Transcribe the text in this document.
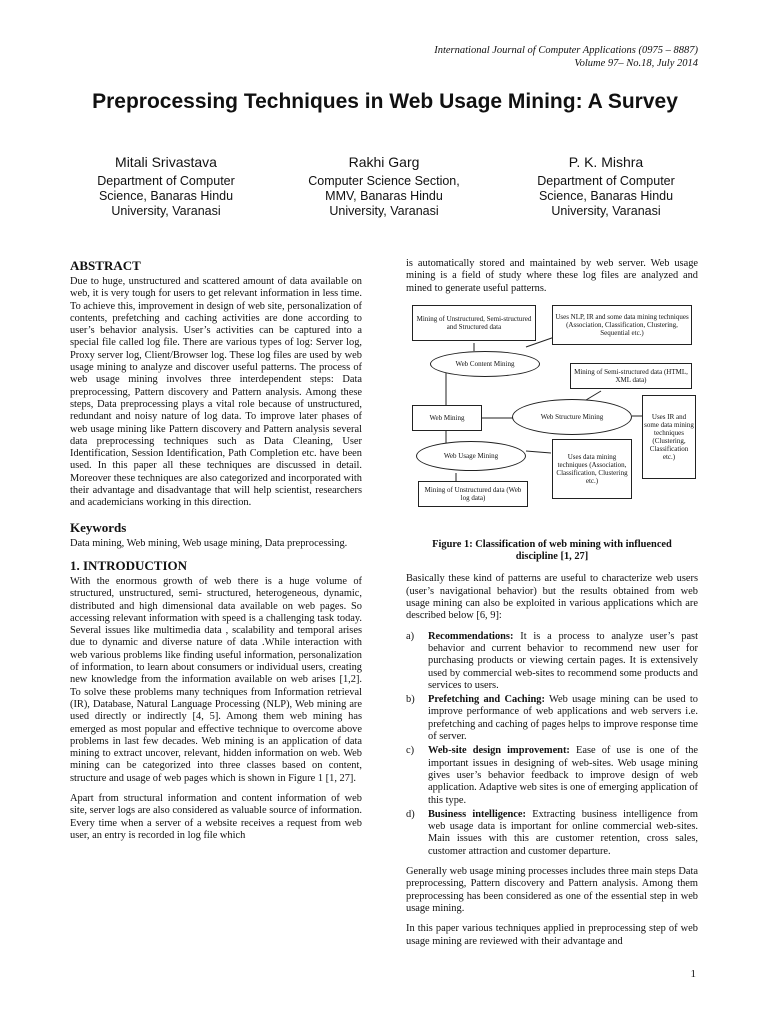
International Journal of Computer Applications (0975 – 8887)
Volume 97– No.18, July 2014
Preprocessing Techniques in Web Usage Mining: A Survey
Mitali Srivastava
Department of Computer
Science, Banaras Hindu
University, Varanasi
Rakhi Garg
Computer Science Section,
MMV, Banaras Hindu
University, Varanasi
P. K. Mishra
Department of Computer
Science, Banaras Hindu
University, Varanasi
ABSTRACT

Due to huge, unstructured and scattered amount of data available on web, it is very tough for users to get relevant information in less time. To achieve this, improvement in design of web site, personalization of contents, prefetching and caching activities are done according to user’s behavior analysis. User’s activities can be captured into a special file called log file. There are various types of log: Server log, Proxy server log, Client/Browser log. These log files are used by web usage mining to analyze and discover useful patterns. The process of web usage mining involves three interdependent steps: Data preprocessing, Pattern discovery and Pattern analysis. Among these steps, Data preprocessing plays a vital role because of unstructured, redundant and noisy nature of log data. To improve later phases of web usage mining like Pattern discovery and Pattern analysis several data preprocessing techniques such as Data Cleaning, User Identification, Session Identification, Path Completion etc. have been used. In this paper all these techniques are discussed in detail. Moreover these techniques are also categorized and incorporated with their advantage and disadvantage that will help scientist, researchers and academicians working in this direction.

Keywords

Data mining, Web mining, Web usage mining, Data preprocessing.

1. INTRODUCTION

With the enormous growth of web there is a huge volume of structured, unstructured, semi- structured, heterogeneous, dynamic, distributed and high dimensional data available on web pages. So accessing relevant information with speed is a challenging task today. Several issues like multimedia data , scalability and temporal arises due to dynamic and diverse nature of data .While interaction with web various problems like finding useful information, personalization of information, to learn about consumers or individual users, creating new knowledge from the information available on web arises [1,2]. To solve these problems many techniques from Information retrieval (IR), Database, Natural Language Processing (NLP), Web mining are used directly or indirectly [4, 5]. Among them web mining has emerged as most popular and effective technique to overcome above problems in last few decades. Web mining is an application of data mining to extract uncover, relevant, hidden information on web. Web mining can be categorized into three classes based on content, structure and usage of web pages which is shown in Figure 1 [1, 27].

Apart from structural information and content information of web site, server logs are also considered as valuable source of information. Every time when a server of a website receives a request from web user, an entry is recorded in log file which

is automatically stored and maintained by web server. Web usage mining is a field of study where these log files are analyzed and mined to generate useful patterns.

Mining of Unstructured, Semi-structured and Structured data
Uses NLP, IR and some data mining techniques (Association, Classification, Clustering, Sequential etc.)
Web Content Mining
Mining of Semi-structured data (HTML, XML data)
Web Mining	Web Structure Mining	Uses IR and some data mining techniques (Clustering, Classification etc.)
Web Usage Mining	Uses data mining techniques (Association, Classification, Clustering etc.)
Mining of Unstructured data (Web log data)
Figure 1: Classification of web mining with influenced discipline [1, 27]

Basically these kind of patterns are useful to characterize web users (user’s navigational behavior) but the results obtained from web usage mining can also be exploited in various applications which are described below [6, 9]:

a) Recommendations: It is a process to analyze user’s past behavior and current behavior to recommend new user for purchasing products or viewing certain pages. It is extensively used by commercial web-sites to recommend some products and services to users.
b) Prefetching and Caching: Web usage mining can be used to improve performance of web applications and web servers i.e. prefetching and caching of pages helps to improve response time of server.
c) Web-site design improvement: Ease of use is one of the important issues in designing of web-sites. Web usage mining gives user’s behavior feedback to improve design of web application. Adaptive web sites is one of emerging application of this type.
d) Business intelligence: Extracting business intelligence from web usage data is important for online commercial web-sites. Main issues with this are customer retention, cross sales, customer attraction and customer departure.

Generally web usage mining processes includes three main steps Data preprocessing, Pattern discovery and Pattern analysis. Among them preprocessing has been considered as one of the essential step in web usage mining.

In this paper various techniques applied in preprocessing step of web usage mining are reviewed with their advantage and

1
